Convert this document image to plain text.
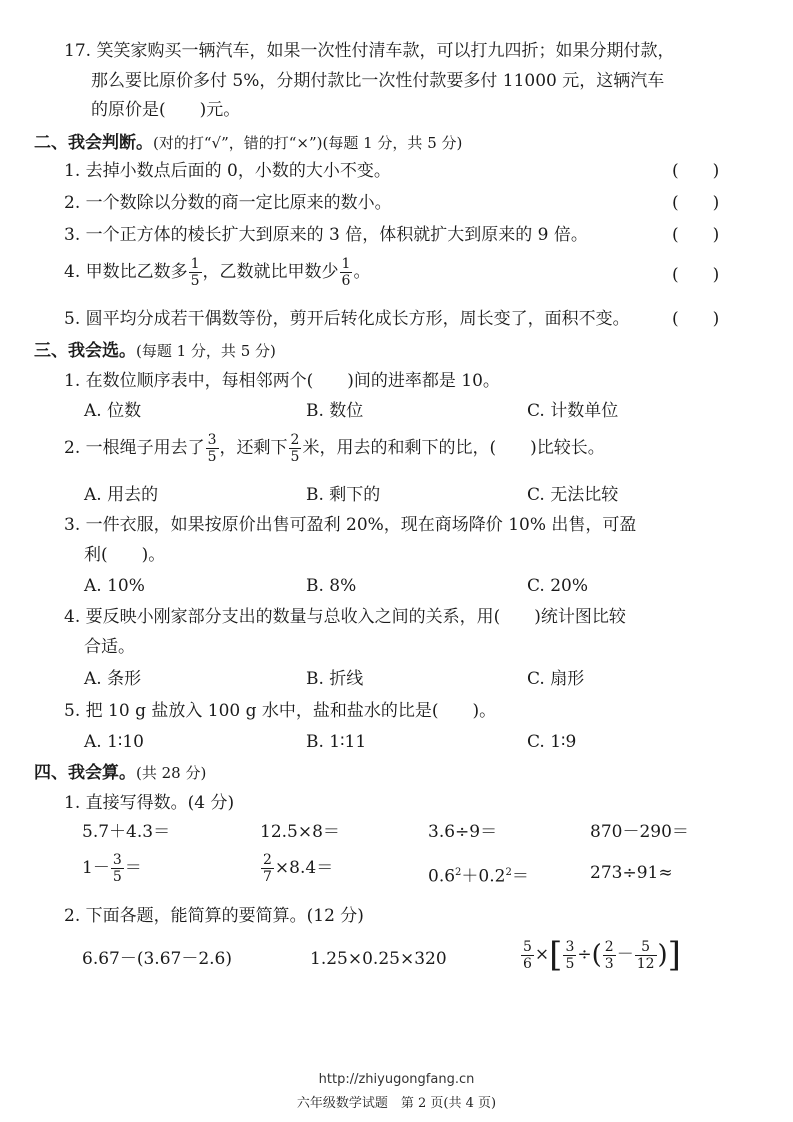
17. 笑笑家购买一辆汽车，如果一次性付清车款，可以打九四折；如果分期付款，
那么要比原价多付 5%，分期付款比一次性付款要多付 11000 元，这辆汽车
的原价是(　　)元。
二、我会判断。(对的打“√”，错的打“×”)(每题 1 分，共 5 分)
1. 去掉小数点后面的 0，小数的大小不变。	(　　)
2. 一个数除以分数的商一定比原来的数小。	(　　)
3. 一个正方体的棱长扩大到原来的 3 倍，体积就扩大到原来的 9 倍。	(　　)
4. 甲数比乙数多 $\frac{1}{5}$ ，乙数就比甲数少 $\frac{1}{6}$ 。	(　　)
5. 圆平均分成若干偶数等份，剪开后转化成长方形，周长变了，面积不变。 (　　)
三、我会选。(每题 1 分，共 5 分)
1. 在数位顺序表中，每相邻两个(　　)间的进率都是 10。
A. 位数	B. 数位	C. 计数单位
2. 一根绳子用去了 $\frac{3}{5}$ ，还剩下 $\frac{2}{5}$ 米，用去的和剩下的比，(　　)比较长。
A. 用去的	B. 剩下的	C. 无法比较
3. 一件衣服，如果按原价出售可盈利 20%，现在商场降价 10% 出售，可盈
利(　　)。
A. 10%	B. 8%	C. 20%
4. 要反映小刚家部分支出的数量与总收入之间的关系，用(　　)统计图比较
合适。
A. 条形	B. 折线	C. 扇形
5. 把 10 g 盐放入 100 g 水中，盐和盐水的比是(　　)。
A. 1∶10	B. 1∶11	C. 1∶9
四、我会算。(共 28 分)
1. 直接写得数。(4 分)
5.7＋4.3＝	12.5×8＝	3.6÷9＝	870－290＝
$1- \frac{3}{5}$ ＝	$\frac{2}{7} \times 8.4=$	$0.6^2+0.2^2=$	273÷91≈
2. 下面各题，能简算的要简算。(12 分)
6.67－(3.67－2.6)	1.25×0.25×320	$\frac{5}{6}$ ×[ $\frac{3}{5}$ ÷( $\frac{2}{3} - \frac{5}{12}$ )]
http://zhiyugongfang.cn
六年级数学试题　第 2 页(共 4 页)
